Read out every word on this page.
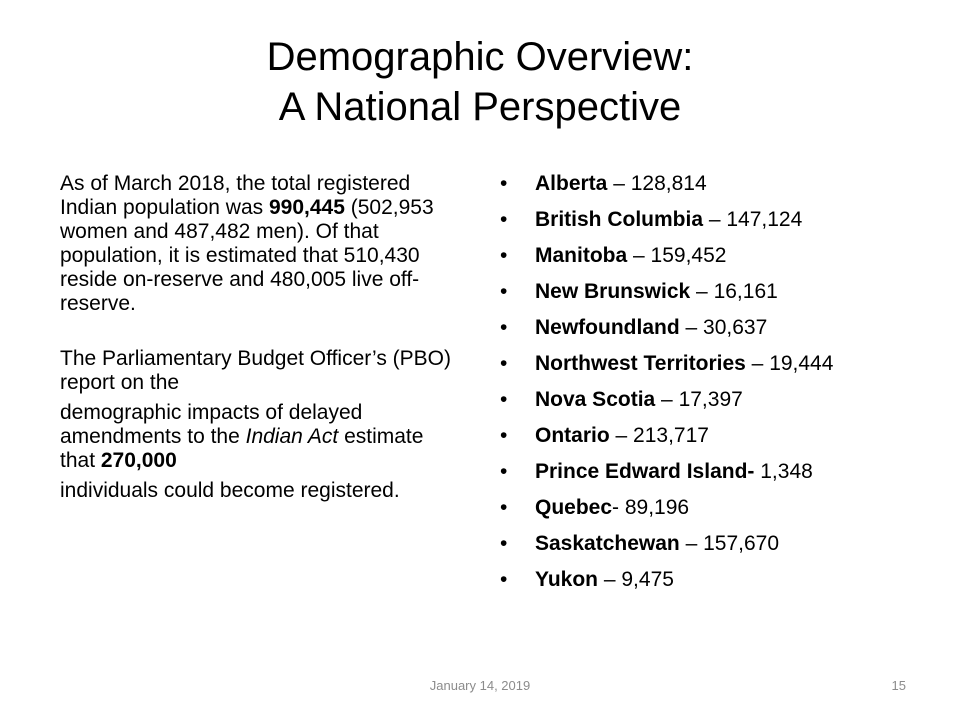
Demographic Overview:
A National Perspective

As of March 2018, the total registered Indian population was 990,445 (502,953 women and 487,482 men). Of that population, it is estimated that 510,430 reside on-reserve and 480,005 live off-reserve.

The Parliamentary Budget Officer’s (PBO) report on the

demographic impacts of delayed amendments to the Indian Act estimate that 270,000

individuals could become registered.

• Alberta – 128,814
• British Columbia – 147,124
• Manitoba – 159,452
• New Brunswick – 16,161
• Newfoundland – 30,637
• Northwest Territories – 19,444
• Nova Scotia – 17,397
• Ontario – 213,717
• Prince Edward Island- 1,348
• Quebec- 89,196
• Saskatchewan – 157,670
• Yukon – 9,475
January 14, 2019	15
